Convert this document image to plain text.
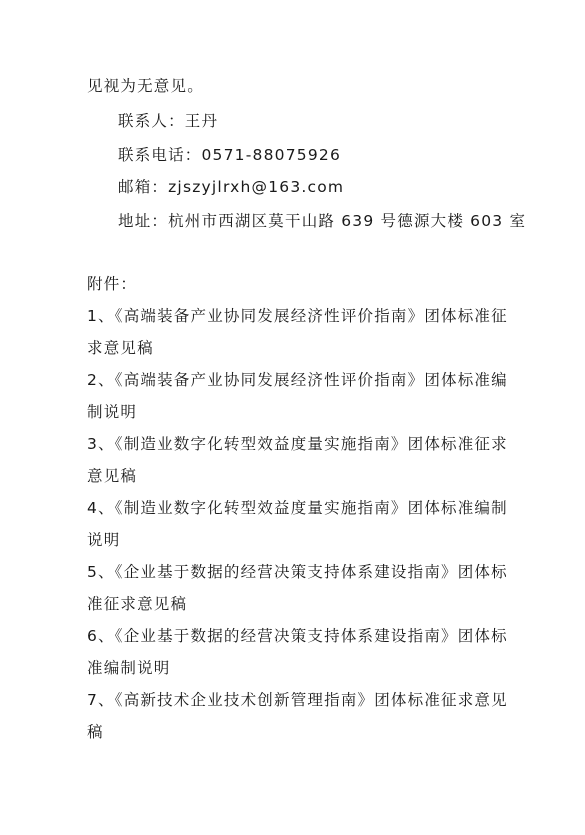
见视为无意见。
联系人：王丹
联系电话：0571-88075926
邮箱：zjszyjlrxh@163.com
地址：杭州市西湖区莫干山路 639 号德源大楼 603 室
附件：
1、《高端装备产业协同发展经济性评价指南》团体标准征
求意见稿
2、《高端装备产业协同发展经济性评价指南》团体标准编
制说明
3、《制造业数字化转型效益度量实施指南》团体标准征求
意见稿
4、《制造业数字化转型效益度量实施指南》团体标准编制
说明
5、《企业基于数据的经营决策支持体系建设指南》团体标
准征求意见稿
6、《企业基于数据的经营决策支持体系建设指南》团体标
准编制说明
7、《高新技术企业技术创新管理指南》团体标准征求意见
稿
